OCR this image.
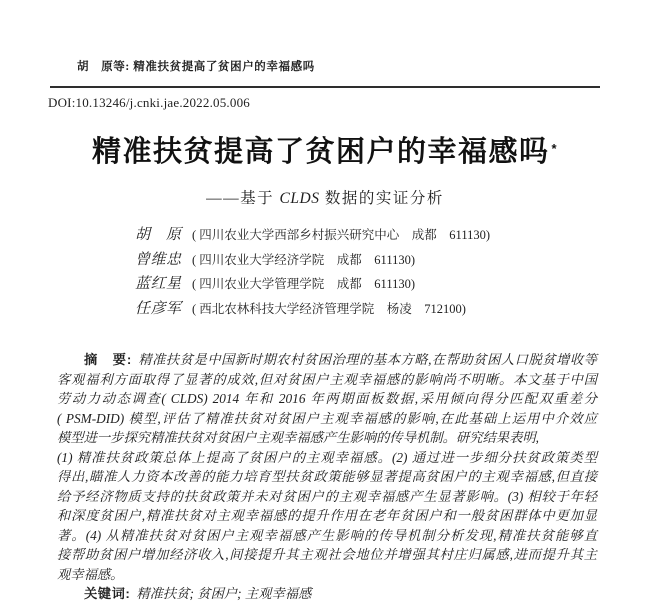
胡　原等: 精准扶贫提高了贫困户的幸福感吗
DOI:10.13246/j.cnki.jae.2022.05.006
精准扶贫提高了贫困户的幸福感吗 *
——基于 CLDS 数据的实证分析
胡　原 ( 四川农业大学西部乡村振兴研究中心　成都　611130)
曾维忠 ( 四川农业大学经济学院　成都　611130)
蓝红星 ( 四川农业大学管理学院　成都　611130)
任彦军 ( 西北农林科技大学经济管理学院　杨凌　712100)
摘　要: 精准扶贫是中国新时期农村贫困治理的基本方略,在帮助贫困人口脱贫增收等
客观福利方面取得了显著的成效,但对贫困户主观幸福感的影响尚不明晰。本文基于中国
劳动力动态调查( CLDS) 2014 年和 2016 年两期面板数据,采用倾向得分匹配双重差分
( PSM-DID) 模型,评估了精准扶贫对贫困户主观幸福感的影响,在此基础上运用中介效应
模型进一步探究精准扶贫对贫困户主观幸福感产生影响的传导机制。研究结果表明,
(1) 精准扶贫政策总体上提高了贫困户的主观幸福感。(2) 通过进一步细分扶贫政策类型
得出,瞄准人力资本改善的能力培育型扶贫政策能够显著提高贫困户的主观幸福感,但直接
给予经济物质支持的扶贫政策并未对贫困户的主观幸福感产生显著影响。(3) 相较于年轻
和深度贫困户,精准扶贫对主观幸福感的提升作用在老年贫困户和一般贫困群体中更加显
著。(4) 从精准扶贫对贫困户主观幸福感产生影响的传导机制分析发现,精准扶贫能够直
接帮助贫困户增加经济收入,间接提升其主观社会地位并增强其村庄归属感,进而提升其主
观幸福感。
关键词: 精准扶贫; 贫困户; 主观幸福感
